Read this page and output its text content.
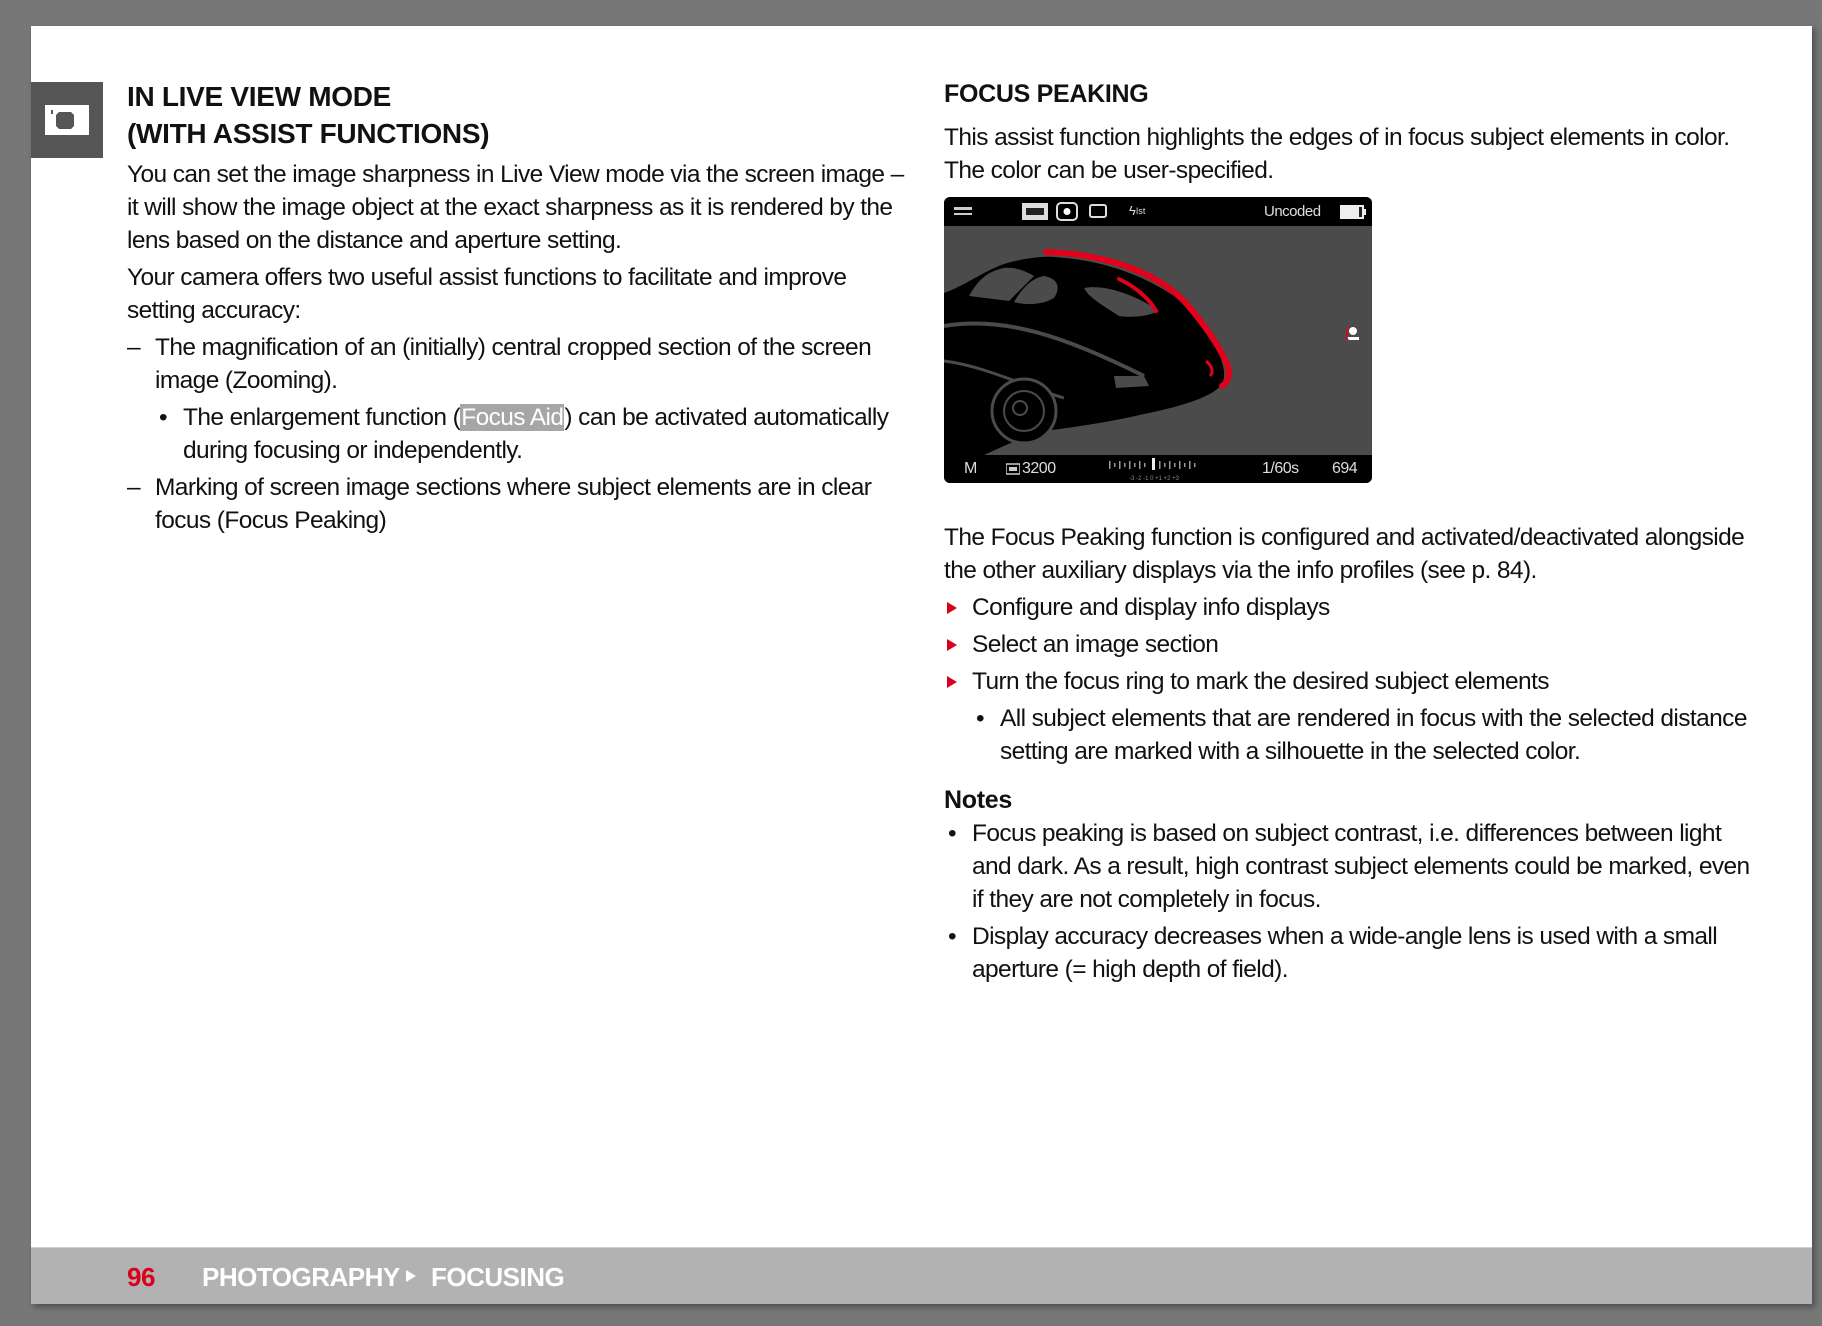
IN LIVE VIEW MODE
(WITH ASSIST FUNCTIONS)

You can set the image sharpness in Live View mode via the screen image – it will show the image object at the exact sharpness as it is rendered by the lens based on the distance and aperture setting.

Your camera offers two useful assist functions to facilitate and improve setting accuracy:

– The magnification of an (initially) central cropped section of the screen image (Zooming).
• The enlargement function (Focus Aid) can be activated automatically during focusing or independently.
– Marking of screen image sections where subject elements are in clear focus (Focus Peaking)
FOCUS PEAKING

This assist function highlights the edges of in focus subject elements in color. The color can be user-specified.

ϟ Ist	Uncoded
M	3200
-3 -2 -1 0 +1 +2 +3
1/60s 694

The Focus Peaking function is configured and activated/deactivated alongside the other auxiliary displays via the info profiles (see p. 84).

Configure and display info displays
Select an image section
Turn the focus ring to mark the desired subject elements
• All subject elements that are rendered in focus with the selected distance setting are marked with a silhouette in the selected color.
Notes
• Focus peaking is based on subject contrast, i.e. differences between light and dark. As a result, high contrast subject elements could be marked, even if they are not completely in focus.
• Display accuracy decreases when a wide-angle lens is used with a small aperture (= high depth of field).
96 PHOTOGRAPHY FOCUSING
